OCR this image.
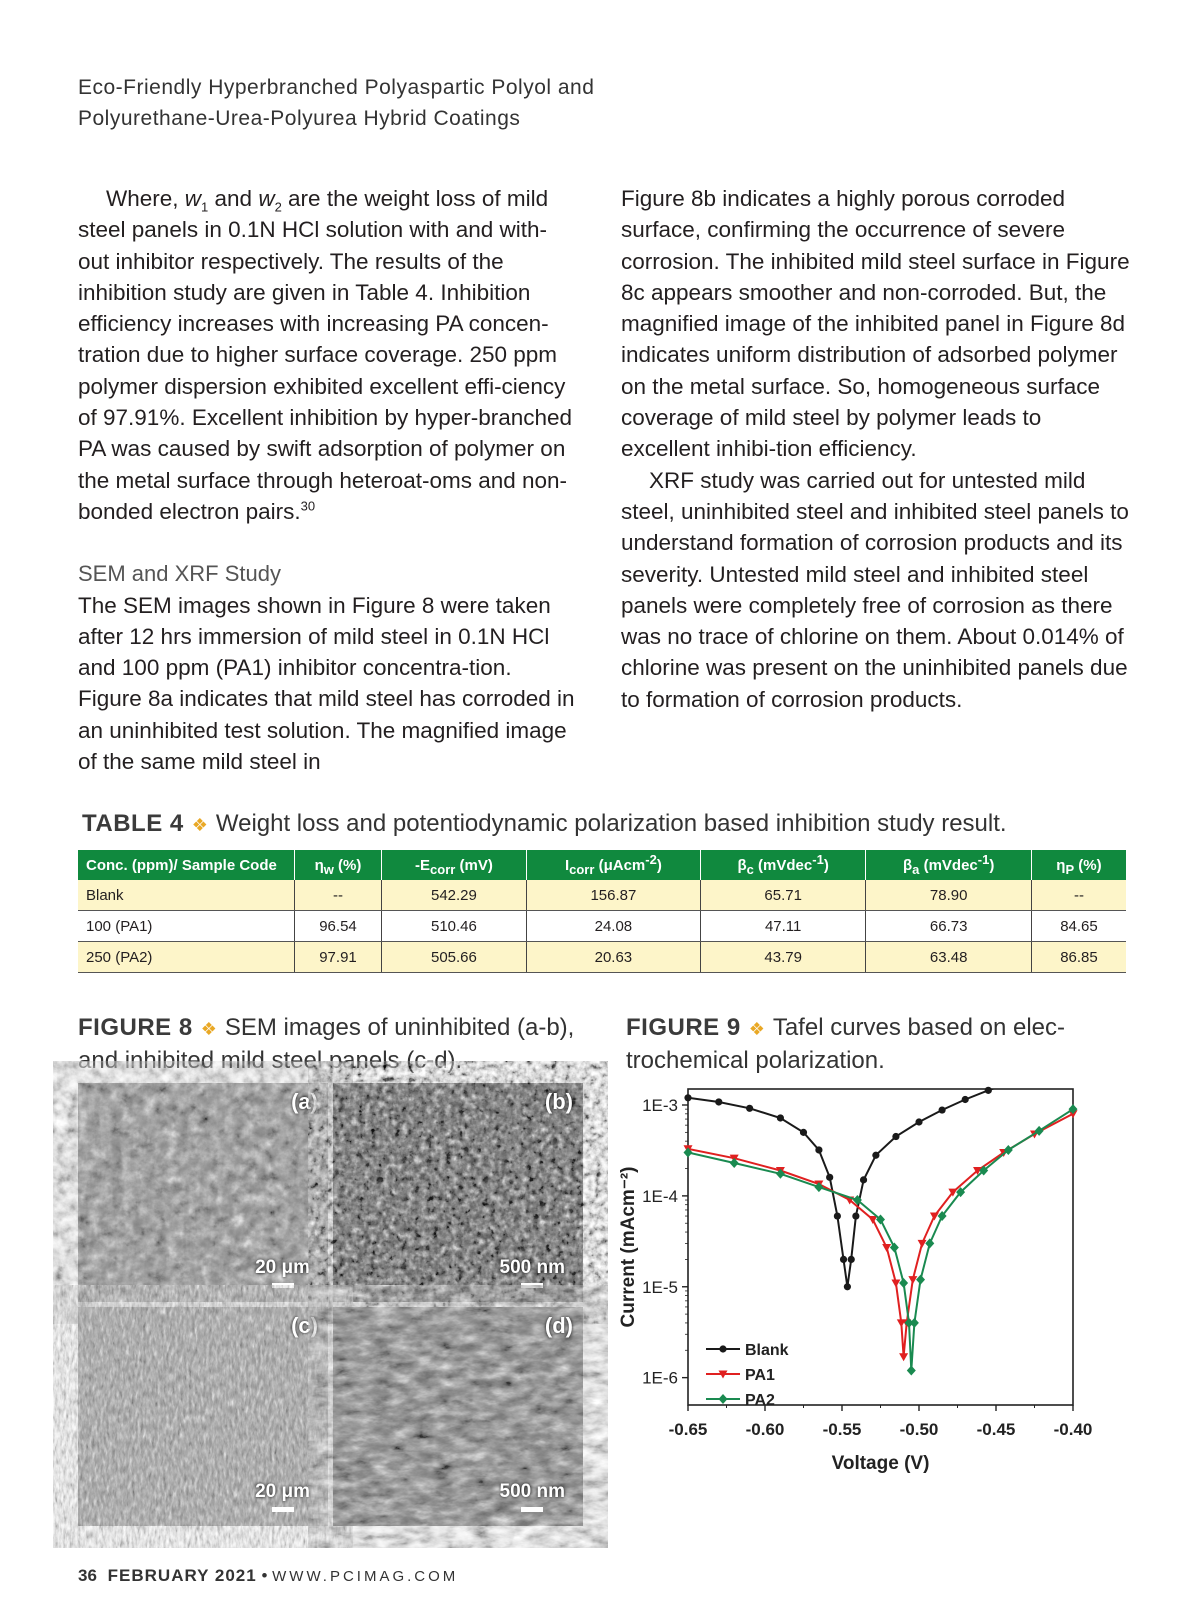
Eco-Friendly Hyperbranched Polyaspartic Polyol and
Polyurethane-Urea-Polyurea Hybrid Coatings

Where, $w_1$ and $w_2$ are the weight loss of mild steel panels in 0.1N HCl solution with and with-out inhibitor respectively. The results of the inhibition study are given in Table 4. Inhibition efficiency increases with increasing PA concen-tration due to higher surface coverage. 250 ppm polymer dispersion exhibited excellent effi-ciency of 97.91%. Excellent inhibition by hyper-branched PA was caused by swift adsorption of polymer on the metal surface through heteroat-oms and non-bonded electron pairs.$^{30}$

SEM and XRF Study

The SEM images shown in Figure 8 were taken after 12 hrs immersion of mild steel in 0.1N HCl and 100 ppm (PA1) inhibitor concentra-tion. Figure 8a indicates that mild steel has corroded in an uninhibited test solution. The magnified image of the same mild steel in

Figure 8b indicates a highly porous corroded surface, confirming the occurrence of severe corrosion. The inhibited mild steel surface in Figure 8c appears smoother and non-corroded. But, the magnified image of the inhibited panel in Figure 8d indicates uniform distribution of adsorbed polymer on the metal surface. So, homogeneous surface coverage of mild steel by polymer leads to excellent inhibi-tion efficiency.

XRF study was carried out for untested mild steel, uninhibited steel and inhibited steel panels to understand formation of corrosion products and its severity. Untested mild steel and inhibited steel panels were completely free of corrosion as there was no trace of chlorine on them. About 0.014% of chlorine was present on the uninhibited panels due to formation of corrosion products.

TABLE 4 ❖ Weight loss and potentiodynamic polarization based inhibition study result.
Conc. (ppm)/ Sample Code	$\eta_w$ (%)	$-E_{corr}$ (mV)	$I_{corr}$ (μAcm$^{-2}$)	$\beta_c$ (mVdec$^{-1}$)	$\beta_a$ (mVdec$^{-1}$)	$\eta_P$ (%)
Blank	--	542.29	156.87	65.71	78.90	--
100 (PA1)	96.54	510.46	24.08	47.11	66.73	84.65
250 (PA2)	97.91	505.66	20.63	43.79	63.48	86.85
FIGURE 8 ❖ SEM images of uninhibited (a-b), and inhibited mild steel panels (c-d).
FIGURE 9 ❖ Tafel curves based on elec-trochemical polarization.
(a)
20 μm
(b)
500 nm
(c)
20 μm
(d)
500 nm
-0.65 -0.60 -0.55 -0.50 -0.45 -0.40
1E-3
1E-4
1E-5
1E-6
Voltage (V)
Current (mAcm⁻²)
Blank
PA1
PA2
36 FEBRUARY 2021 • WWW.PCIMAG.COM
